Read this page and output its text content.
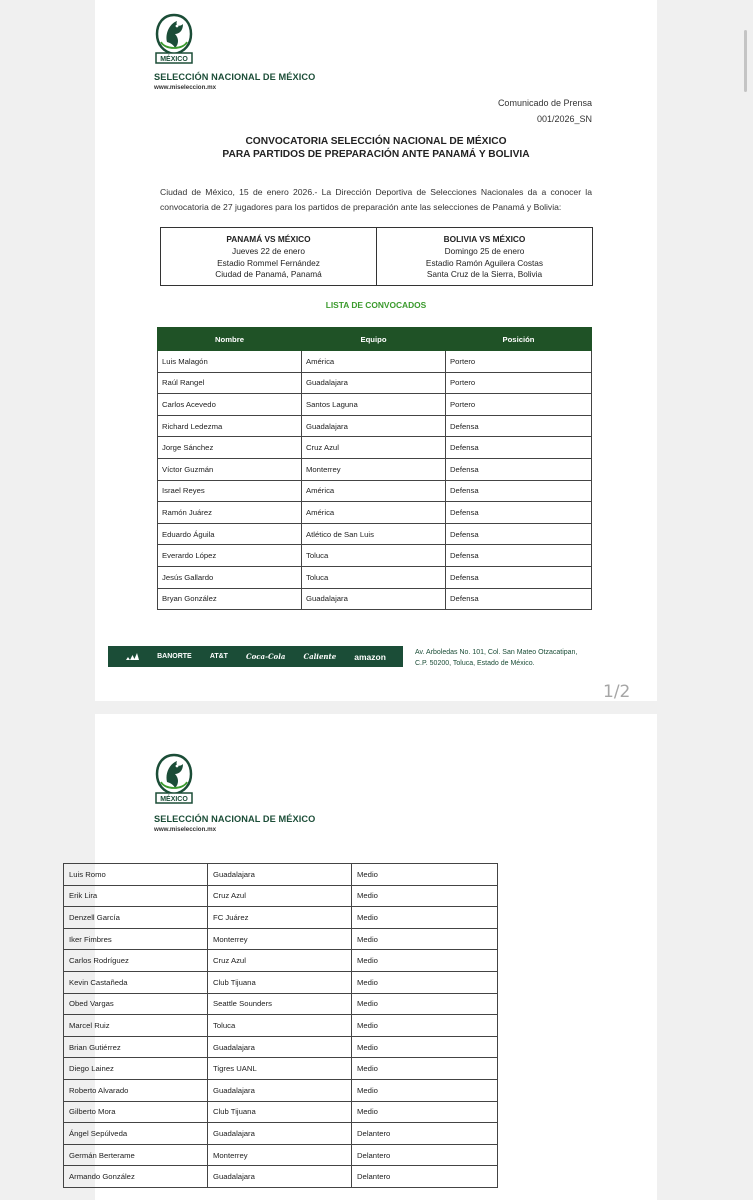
MÉXICO
SELECCIÓN NACIONAL DE MÉXICO
www.miseleccion.mx
Comunicado de Prensa
001/2026_SN
CONVOCATORIA SELECCIÓN NACIONAL DE MÉXICO
PARA PARTIDOS DE PREPARACIÓN ANTE PANAMÁ Y BOLIVIA
Ciudad de México, 15 de enero 2026.- La Dirección Deportiva de Selecciones Nacionales da a conocer la convocatoria de 27 jugadores para los partidos de preparación ante las selecciones de Panamá y Bolivia:
PANAMÁ VS MÉXICO
Jueves 22 de enero
Estadio Rommel Fernández
Ciudad de Panamá, Panamá
BOLIVIA VS MÉXICO
Domingo 25 de enero
Estadio Ramón Aguilera Costas
Santa Cruz de la Sierra, Bolivia
LISTA DE CONVOCADOS
Nombre	Equipo	Posición
Luis Malagón	América	Portero
Raúl Rangel	Guadalajara	Portero
Carlos Acevedo	Santos Laguna	Portero
Richard Ledezma	Guadalajara	Defensa
Jorge Sánchez	Cruz Azul	Defensa
Víctor Guzmán	Monterrey	Defensa
Israel Reyes	América	Defensa
Ramón Juárez	América	Defensa
Eduardo Águila	Atlético de San Luis	Defensa
Everardo López	Toluca	Defensa
Jesús Gallardo	Toluca	Defensa
Bryan González	Guadalajara	Defensa
BANORTE	AT&T	Coca-Cola	Caliente amazon	Av. Arboledas No. 101, Col. San Mateo Otzacatipan,
C.P. 50200, Toluca, Estado de México.
1/2
MÉXICO
SELECCIÓN NACIONAL DE MÉXICO
www.miseleccion.mx
Luis Romo	Guadalajara	Medio
Erik Lira	Cruz Azul	Medio
Denzell García	FC Juárez	Medio
Iker Fimbres	Monterrey	Medio
Carlos Rodríguez	Cruz Azul	Medio
Kevin Castañeda	Club Tijuana	Medio
Obed Vargas	Seattle Sounders	Medio
Marcel Ruiz	Toluca	Medio
Brian Gutiérrez	Guadalajara	Medio
Diego Lainez	Tigres UANL	Medio
Roberto Alvarado	Guadalajara	Medio
Gilberto Mora	Club Tijuana	Medio
Ángel Sepúlveda	Guadalajara	Delantero
Germán Berterame	Monterrey	Delantero
Armando González	Guadalajara	Delantero
